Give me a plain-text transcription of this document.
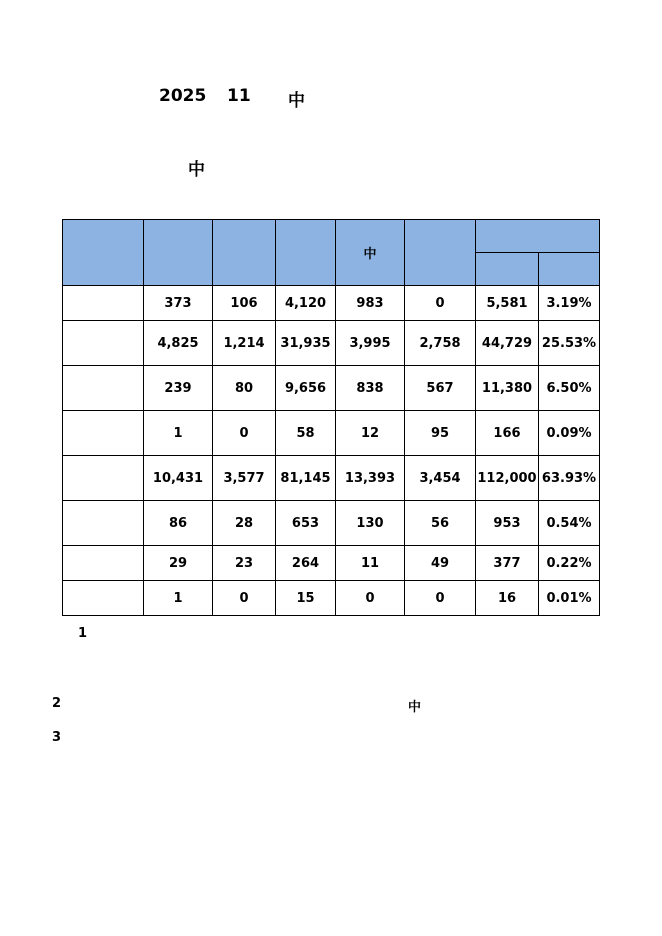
2025 11 中
中
				中			

	373	106	4,120	983	0	5,581	3.19%
	4,825	1,214	31,935	3,995	2,758	44,729	25.53%
	239	80	9,656	838	567	11,380	6.50%
	1	0	58	12	95	166	0.09%
	10,431	3,577	81,145	13,393	3,454	112,000	63.93%
	86	28	653	130	56	953	0.54%
	29	23	264	11	49	377	0.22%
	1	0	15	0	0	16	0.01%
1
2	中
3
